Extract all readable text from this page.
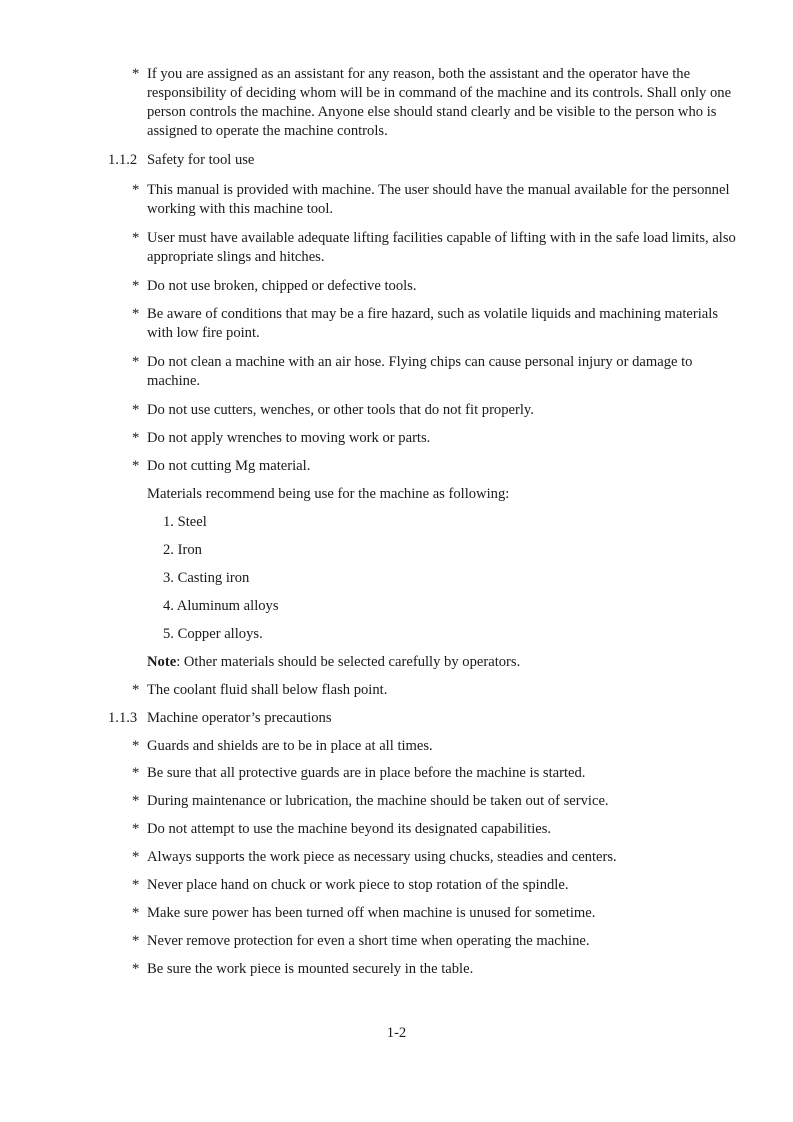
* If you are assigned as an assistant for any reason, both the assistant and the operator have the responsibility of deciding whom will be in command of the machine and its controls. Shall only one person controls the machine. Anyone else should stand clearly and be visible to the person who is assigned to operate the machine controls.
1.1.2 Safety for tool use
* This manual is provided with machine. The user should have the manual available for the personnel working with this machine tool.
* User must have available adequate lifting facilities capable of lifting with in the safe load limits, also appropriate slings and hitches.
* Do not use broken, chipped or defective tools.
* Be aware of conditions that may be a fire hazard, such as volatile liquids and machining materials with low fire point.
* Do not clean a machine with an air hose. Flying chips can cause personal injury or damage to machine.
* Do not use cutters, wenches, or other tools that do not fit properly.
* Do not apply wrenches to moving work or parts.
* Do not cutting Mg material.
Materials recommend being use for the machine as following:
1. Steel
2. Iron
3. Casting iron
4. Aluminum alloys
5. Copper alloys.
Note: Other materials should be selected carefully by operators.
* The coolant fluid shall below flash point.
1.1.3 Machine operator’s precautions
* Guards and shields are to be in place at all times.
* Be sure that all protective guards are in place before the machine is started.
* During maintenance or lubrication, the machine should be taken out of service.
* Do not attempt to use the machine beyond its designated capabilities.
* Always supports the work piece as necessary using chucks, steadies and centers.
* Never place hand on chuck or work piece to stop rotation of the spindle.
* Make sure power has been turned off when machine is unused for sometime.
* Never remove protection for even a short time when operating the machine.
* Be sure the work piece is mounted securely in the table.
1-2
